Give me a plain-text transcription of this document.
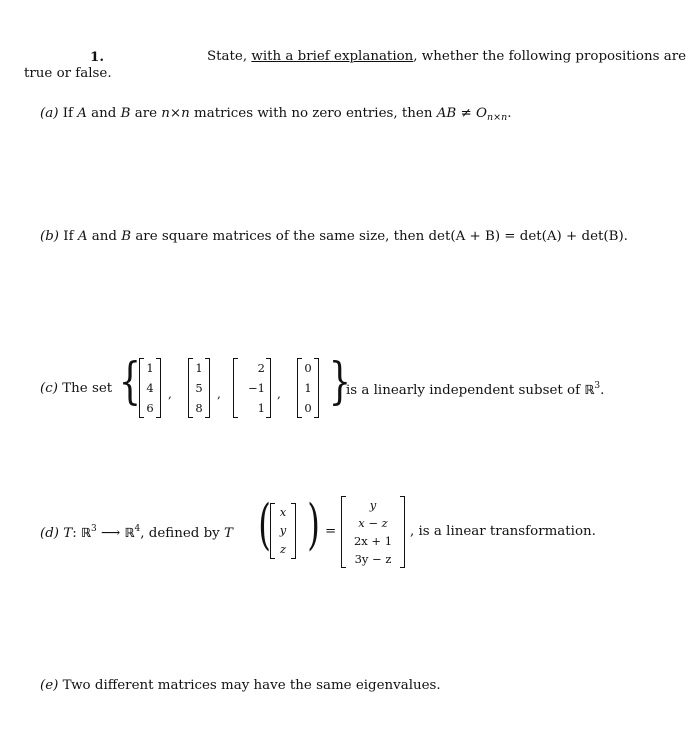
1.	State, with a brief explanation, whether the following propositions are
true or false.
(a) If A and B are n×n matrices with no zero entries, then AB ≠ $O_{n\times n}$.
(b) If A and B are square matrices of the same size, then det(A + B) = det(A) + det(B).
(c) The set { 1
4
6
,
1
5
8
,
2
−1
1
,
0
1
0 }
is a linearly independent subset of ℝ$^3$.
(d) T: ℝ$^3$ ⟶ ℝ$^4$, defined by T ( x
y
z ) =
y
x − z
2x + 1
3y − z
, is a linear transformation.
(e) Two different matrices may have the same eigenvalues.
